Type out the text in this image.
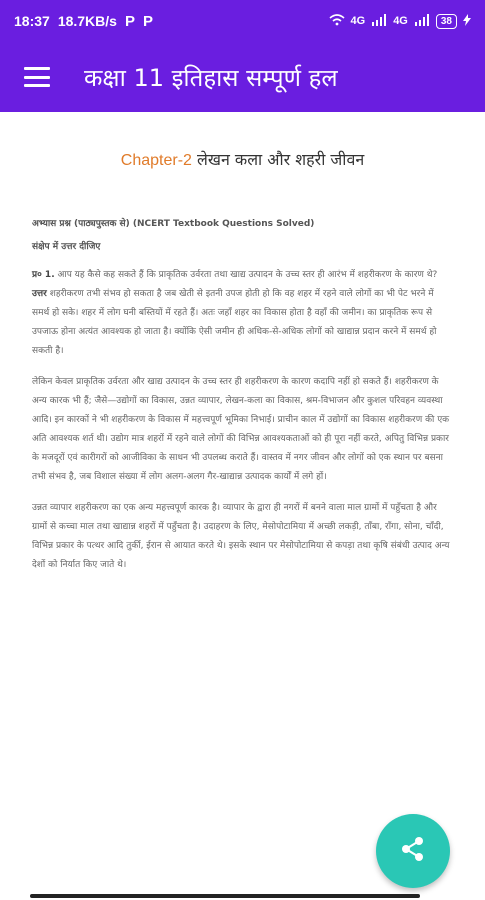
18:37 18.7KB/s P P	4G	4G	38
कक्षा 11 इतिहास सम्पूर्ण हल
Chapter-2 लेखन कला और शहरी जीवन
अभ्यास प्रश्न (पाठ्यपुस्तक से) (NCERT Textbook Questions Solved)
संक्षेप में उत्तर दीजिए

प्र० 1. आप यह कैसे कह सकते हैं कि प्राकृतिक उर्वरता तथा खाद्य उत्पादन के उच्च स्तर ही आरंभ में शहरीकरण के कारण थे?
उत्तर शहरीकरण तभी संभव हो सकता है जब खेती से इतनी उपज होती हो कि वह शहर में रहने वाले लोगों का भी पेट भरने में समर्थ हो सके। शहर में लोग घनी बस्तियों में रहते हैं। अतः जहाँ शहर का विकास होता है वहाँ की जमीन। का प्राकृतिक रूप से उपजाऊ होना अत्यंत आवश्यक हो जाता है। क्योंकि ऐसी जमीन ही अधिक-से-अधिक लोगों को खाद्यान्न प्रदान करने में समर्थ हो सकती है।

लेकिन केवल प्राकृतिक उर्वरता और खाद्य उत्पादन के उच्च स्तर ही शहरीकरण के कारण कदापि नहीं हो सकते हैं। शहरीकरण के अन्य कारक भी हैं; जैसे—उद्योगों का विकास, उन्नत व्यापार, लेखन-कला का विकास, श्रम-विभाजन और कुशल परिवहन व्यवस्था आदि। इन कारकों ने भी शहरीकरण के विकास में महत्त्वपूर्ण भूमिका निभाई। प्राचीन काल में उद्योगों का विकास शहरीकरण की एक अति आवश्यक शर्त थी। उद्योग मात्र शहरों में रहने वाले लोगों की विभिन्न आवश्यकताओं को ही पूरा नहीं करते, अपितु विभिन्न प्रकार के मजदूरों एवं कारीगरों को आजीविका के साधन भी उपलब्ध कराते हैं। वास्तव में नगर जीवन और लोगों को एक स्थान पर बसना तभी संभव है, जब विशाल संख्या में लोग अलग-अलग गैर-खाद्यान्न उत्पादक कार्यों में लगे हों।

उन्नत व्यापार शहरीकरण का एक अन्य महत्त्वपूर्ण कारक है। व्यापार के द्वारा ही नगरों में बनने वाला माल ग्रामों में पहुँचता है और ग्रामों से कच्चा माल तथा खाद्यान्न शहरों में पहुँचता है। उदाहरण के लिए, मेसोपोटामिया में अच्छी लकड़ी, ताँबा, राँगा, सोना, चाँदी, विभिन्न प्रकार के पत्थर आदि तुर्की, ईरान से आयात करते थे। इसके स्थान पर मेसोपोटामिया से कपड़ा तथा कृषि संबंधी उत्पाद अन्य देशों को निर्यात किए जाते थे।
